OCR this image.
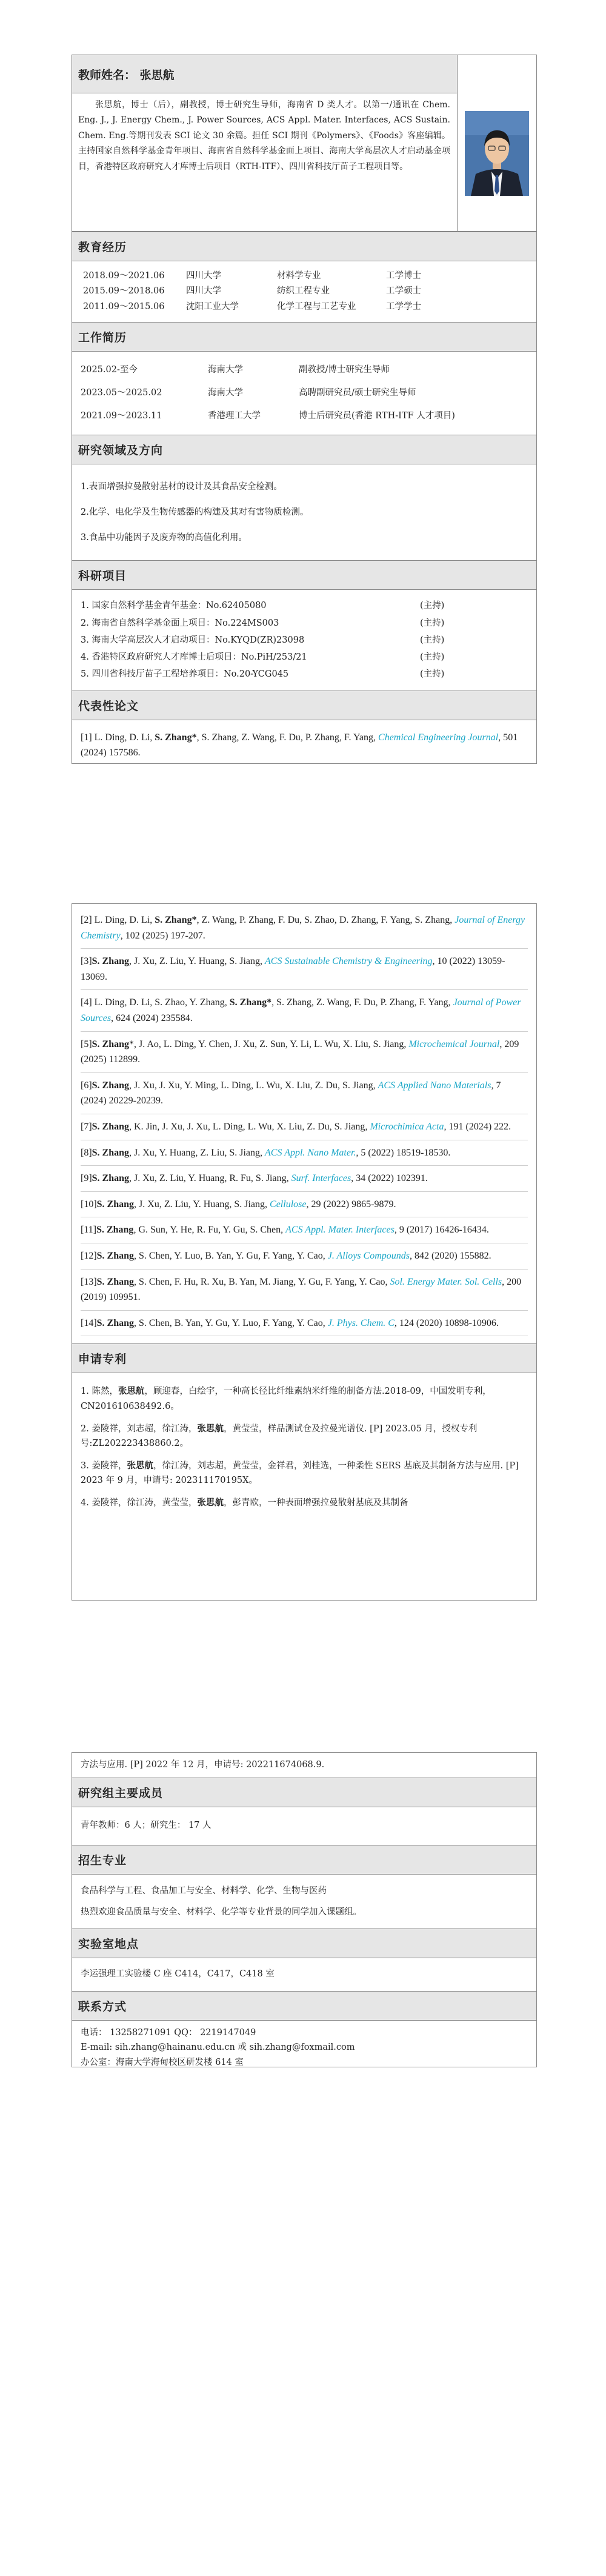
教师姓名： 张思航
张思航，博士（后），副教授，博士研究生导师，海南省 D 类人才。以第一/通讯在 Chem. Eng. J., J. Energy Chem., J. Power Sources, ACS Appl. Mater. Interfaces, ACS Sustain. Chem. Eng.等期刊发表 SCI 论文 30 余篇。担任 SCI 期刊《Polymers》、《Foods》客座编辑。主持国家自然科学基金青年项目、海南省自然科学基金面上项目、海南大学高层次人才启动基金项目，香港特区政府研究人才库博士后项目（RTH-ITF）、四川省科技厅苗子工程项目等。
教育经历
2018.09～2021.06	四川大学	材料学专业	工学博士
2015.09～2018.06	四川大学	纺织工程专业	工学硕士
2011.09～2015.06	沈阳工业大学	化学工程与工艺专业	工学学士
工作简历
2025.02-至今	海南大学	副教授/博士研究生导师
2023.05～2025.02	海南大学	高聘副研究员/硕士研究生导师
2021.09～2023.11	香港理工大学	博士后研究员(香港 RTH-ITF 人才项目)
研究领域及方向
1.表面增强拉曼散射基材的设计及其食品安全检测。
2.化学、电化学及生物传感器的构建及其对有害物质检测。
3.食品中功能因子及废弃物的高值化利用。
科研项目
1. 国家自然科学基金青年基金：No.62405080	(主持)
2. 海南省自然科学基金面上项目：No.224MS003	(主持)
3. 海南大学高层次人才启动项目：No.KYQD(ZR)23098	(主持)
4. 香港特区政府研究人才库博士后项目：No.PiH/253/21	(主持)
5. 四川省科技厅苗子工程培养项目：No.20-YCG045	(主持)
代表性论文
[1] L. Ding, D. Li, S. Zhang*, S. Zhang, Z. Wang, F. Du, P. Zhang, F. Yang, Chemical Engineering Journal, 501 (2024) 157586.
[2] L. Ding, D. Li, S. Zhang*, Z. Wang, P. Zhang, F. Du, S. Zhao, D. Zhang, F. Yang, S. Zhang, Journal of Energy Chemistry, 102 (2025) 197-207.
[3]S. Zhang, J. Xu, Z. Liu, Y. Huang, S. Jiang, ACS Sustainable Chemistry & Engineering, 10 (2022) 13059-13069.
[4] L. Ding, D. Li, S. Zhao, Y. Zhang, S. Zhang*, S. Zhang, Z. Wang, F. Du, P. Zhang, F. Yang, Journal of Power Sources, 624 (2024) 235584.
[5]S. Zhang*, J. Ao, L. Ding, Y. Chen, J. Xu, Z. Sun, Y. Li, L. Wu, X. Liu, S. Jiang, Microchemical Journal, 209 (2025) 112899.
[6]S. Zhang, J. Xu, J. Xu, Y. Ming, L. Ding, L. Wu, X. Liu, Z. Du, S. Jiang, ACS Applied Nano Materials, 7 (2024) 20229-20239.
[7]S. Zhang, K. Jin, J. Xu, J. Xu, L. Ding, L. Wu, X. Liu, Z. Du, S. Jiang, Microchimica Acta, 191 (2024) 222.
[8]S. Zhang, J. Xu, Y. Huang, Z. Liu, S. Jiang, ACS Appl. Nano Mater., 5 (2022) 18519-18530.
[9]S. Zhang, J. Xu, Z. Liu, Y. Huang, R. Fu, S. Jiang, Surf. Interfaces, 34 (2022) 102391.
[10]S. Zhang, J. Xu, Z. Liu, Y. Huang, S. Jiang, Cellulose, 29 (2022) 9865-9879.
[11]S. Zhang, G. Sun, Y. He, R. Fu, Y. Gu, S. Chen, ACS Appl. Mater. Interfaces, 9 (2017) 16426-16434.
[12]S. Zhang, S. Chen, Y. Luo, B. Yan, Y. Gu, F. Yang, Y. Cao, J. Alloys Compounds, 842 (2020) 155882.
[13]S. Zhang, S. Chen, F. Hu, R. Xu, B. Yan, M. Jiang, Y. Gu, F. Yang, Y. Cao, Sol. Energy Mater. Sol. Cells, 200 (2019) 109951.
[14]S. Zhang, S. Chen, B. Yan, Y. Gu, Y. Luo, F. Yang, Y. Cao, J. Phys. Chem. C, 124 (2020) 10898-10906.
申请专利
1. 陈然，张思航，顾迎春，白绘宇，一种高长径比纤维素纳米纤维的制备方法.2018-09，中国发明专利，CN201610638492.6。
2. 姜陵祥，刘志超，徐江涛，张思航，黄莹莹，样品测试仓及拉曼光谱仪. [P] 2023.05 月，授权专利号:ZL202223438860.2。
3. 姜陵祥，张思航，徐江涛，刘志超，黄莹莹，金祥君，刘桂选，一种柔性 SERS 基底及其制备方法与应用. [P] 2023 年 9 月，申请号: 202311170195X。
4. 姜陵祥，徐江涛，黄莹莹，张思航，彭青欧，一种表面增强拉曼散射基底及其制备
方法与应用. [P] 2022 年 12 月，申请号: 202211674068.9.
研究组主要成员
青年教师：6 人；研究生： 17 人
招生专业
食品科学与工程、食品加工与安全、材料学、化学、生物与医药
热烈欢迎食品质量与安全、材料学、化学等专业背景的同学加入课题组。
实验室地点
李运强理工实验楼 C 座 C414，C417，C418 室
联系方式
电话： 13258271091 QQ： 2219147049
E-mail: sih.zhang@hainanu.edu.cn 或 sih.zhang@foxmail.com
办公室：海南大学海甸校区研发楼 614 室
